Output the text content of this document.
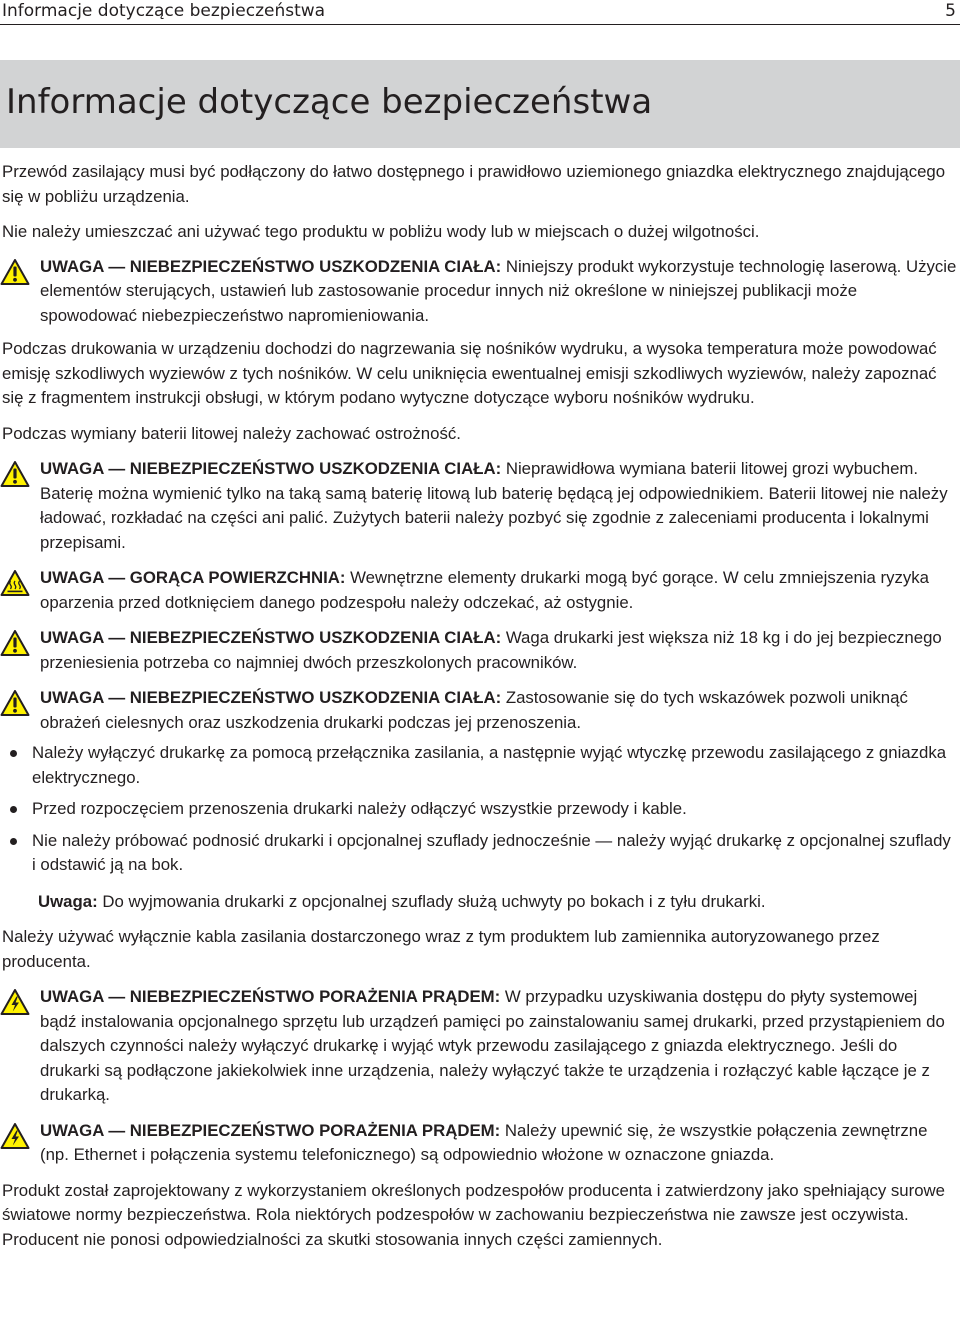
Informacje dotyczące bezpieczeństwa	5
Informacje dotyczące bezpieczeństwa

Przewód zasilający musi być podłączony do łatwo dostępnego i prawidłowo uziemionego gniazdka elektrycznego znajdującego się w pobliżu urządzenia.

Nie należy umieszczać ani używać tego produktu w pobliżu wody lub w miejscach o dużej wilgotności.

UWAGA — NIEBEZPIECZEŃSTWO USZKODZENIA CIAŁA: Niniejszy produkt wykorzystuje technologię laserową. Użycie elementów sterujących, ustawień lub zastosowanie procedur innych niż określone w niniejszej publikacji może spowodować niebezpieczeństwo napromieniowania.

Podczas drukowania w urządzeniu dochodzi do nagrzewania się nośników wydruku, a wysoka temperatura może powodować emisję szkodliwych wyziewów z tych nośników. W celu uniknięcia ewentualnej emisji szkodliwych wyziewów, należy zapoznać się z fragmentem instrukcji obsługi, w którym podano wytyczne dotyczące wyboru nośników wydruku.

Podczas wymiany baterii litowej należy zachować ostrożność.

UWAGA — NIEBEZPIECZEŃSTWO USZKODZENIA CIAŁA: Nieprawidłowa wymiana baterii litowej grozi wybuchem. Baterię można wymienić tylko na taką samą baterię litową lub baterię będącą jej odpowiednikiem. Baterii litowej nie należy ładować, rozkładać na części ani palić. Zużytych baterii należy pozbyć się zgodnie z zaleceniami producenta i lokalnymi przepisami.

UWAGA — GORĄCA POWIERZCHNIA: Wewnętrzne elementy drukarki mogą być gorące. W celu zmniejszenia ryzyka oparzenia przed dotknięciem danego podzespołu należy odczekać, aż ostygnie.

UWAGA — NIEBEZPIECZEŃSTWO USZKODZENIA CIAŁA: Waga drukarki jest większa niż 18 kg i do jej bezpiecznego przeniesienia potrzeba co najmniej dwóch przeszkolonych pracowników.

UWAGA — NIEBEZPIECZEŃSTWO USZKODZENIA CIAŁA: Zastosowanie się do tych wskazówek pozwoli uniknąć obrażeń cielesnych oraz uszkodzenia drukarki podczas jej przenoszenia.

Należy wyłączyć drukarkę za pomocą przełącznika zasilania, a następnie wyjąć wtyczkę przewodu zasilającego z gniazdka elektrycznego.
Przed rozpoczęciem przenoszenia drukarki należy odłączyć wszystkie przewody i kable.
Nie należy próbować podnosić drukarki i opcjonalnej szuflady jednocześnie — należy wyjąć drukarkę z opcjonalnej szuflady i odstawić ją na bok.

Uwaga: Do wyjmowania drukarki z opcjonalnej szuflady służą uchwyty po bokach i z tyłu drukarki.

Należy używać wyłącznie kabla zasilania dostarczonego wraz z tym produktem lub zamiennika autoryzowanego przez producenta.

UWAGA — NIEBEZPIECZEŃSTWO PORAŻENIA PRĄDEM: W przypadku uzyskiwania dostępu do płyty systemowej bądź instalowania opcjonalnego sprzętu lub urządzeń pamięci po zainstalowaniu samej drukarki, przed przystąpieniem do dalszych czynności należy wyłączyć drukarkę i wyjąć wtyk przewodu zasilającego z gniazda elektrycznego. Jeśli do drukarki są podłączone jakiekolwiek inne urządzenia, należy wyłączyć także te urządzenia i rozłączyć kable łączące je z drukarką.

UWAGA — NIEBEZPIECZEŃSTWO PORAŻENIA PRĄDEM: Należy upewnić się, że wszystkie połączenia zewnętrzne (np. Ethernet i połączenia systemu telefonicznego) są odpowiednio włożone w oznaczone gniazda.

Produkt został zaprojektowany z wykorzystaniem określonych podzespołów producenta i zatwierdzony jako spełniający surowe światowe normy bezpieczeństwa. Rola niektórych podzespołów w zachowaniu bezpieczeństwa nie zawsze jest oczywista. Producent nie ponosi odpowiedzialności za skutki stosowania innych części zamiennych.
